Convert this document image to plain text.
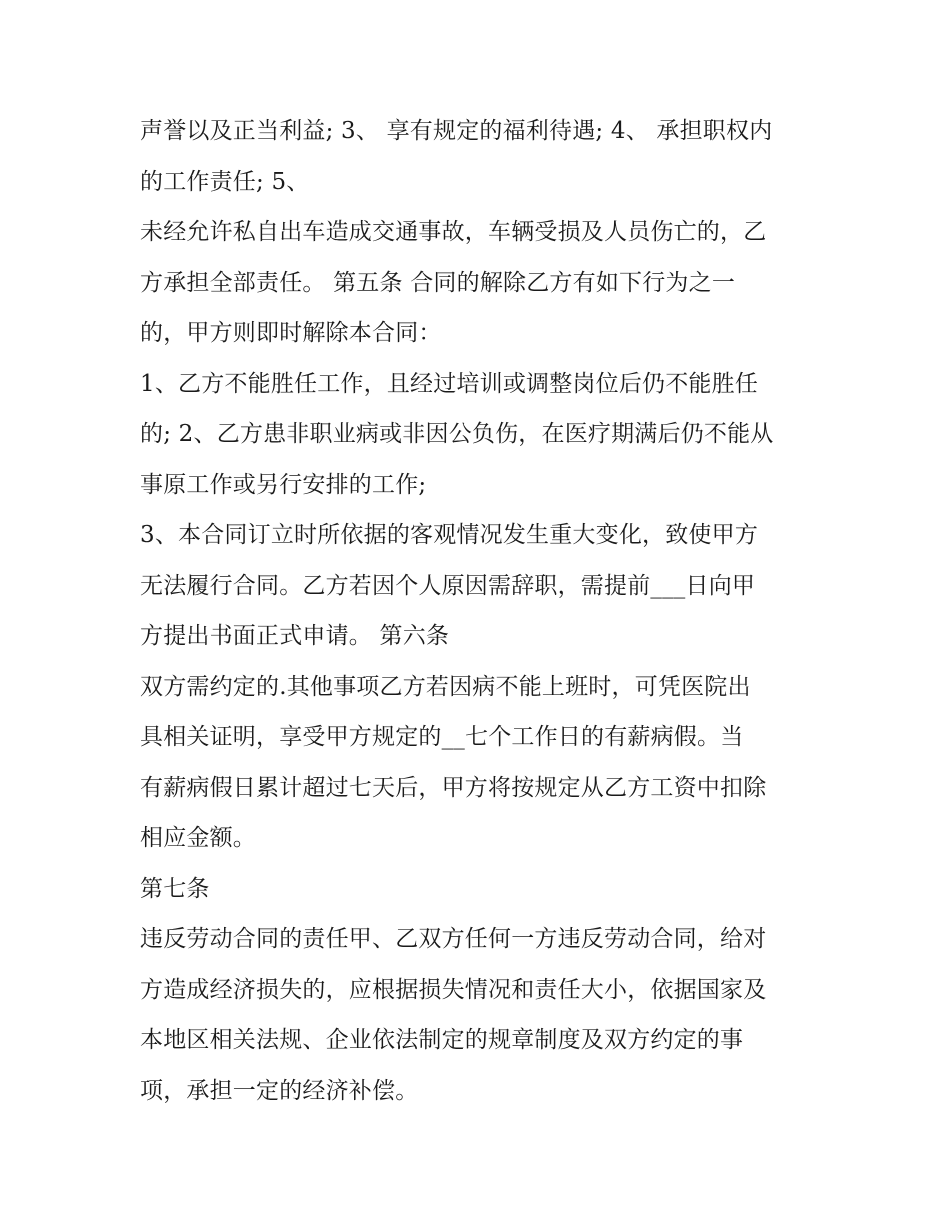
声誉以及正当利益; 3、 享有规定的福利待遇; 4、 承担职权内
的工作责任; 5、
未经允许私自出车造成交通事故，车辆受损及人员伤亡的，乙
方承担全部责任。 第五条 合同的解除乙方有如下行为之一
的，甲方则即时解除本合同：
1、乙方不能胜任工作，且经过培训或调整岗位后仍不能胜任
的; 2、乙方患非职业病或非因公负伤，在医疗期满后仍不能从
事原工作或另行安排的工作;
3、本合同订立时所依据的客观情况发生重大变化，致使甲方
无法履行合同。乙方若因个人原因需辞职，需提前___日向甲
方提出书面正式申请。 第六条
双方需约定的.其他事项乙方若因病不能上班时，可凭医院出
具相关证明，享受甲方规定的__七个工作日的有薪病假。当
有薪病假日累计超过七天后，甲方将按规定从乙方工资中扣除
相应金额。
第七条
违反劳动合同的责任甲、乙双方任何一方违反劳动合同，给对
方造成经济损失的，应根据损失情况和责任大小，依据国家及
本地区相关法规、企业依法制定的规章制度及双方约定的事
项，承担一定的经济补偿。
